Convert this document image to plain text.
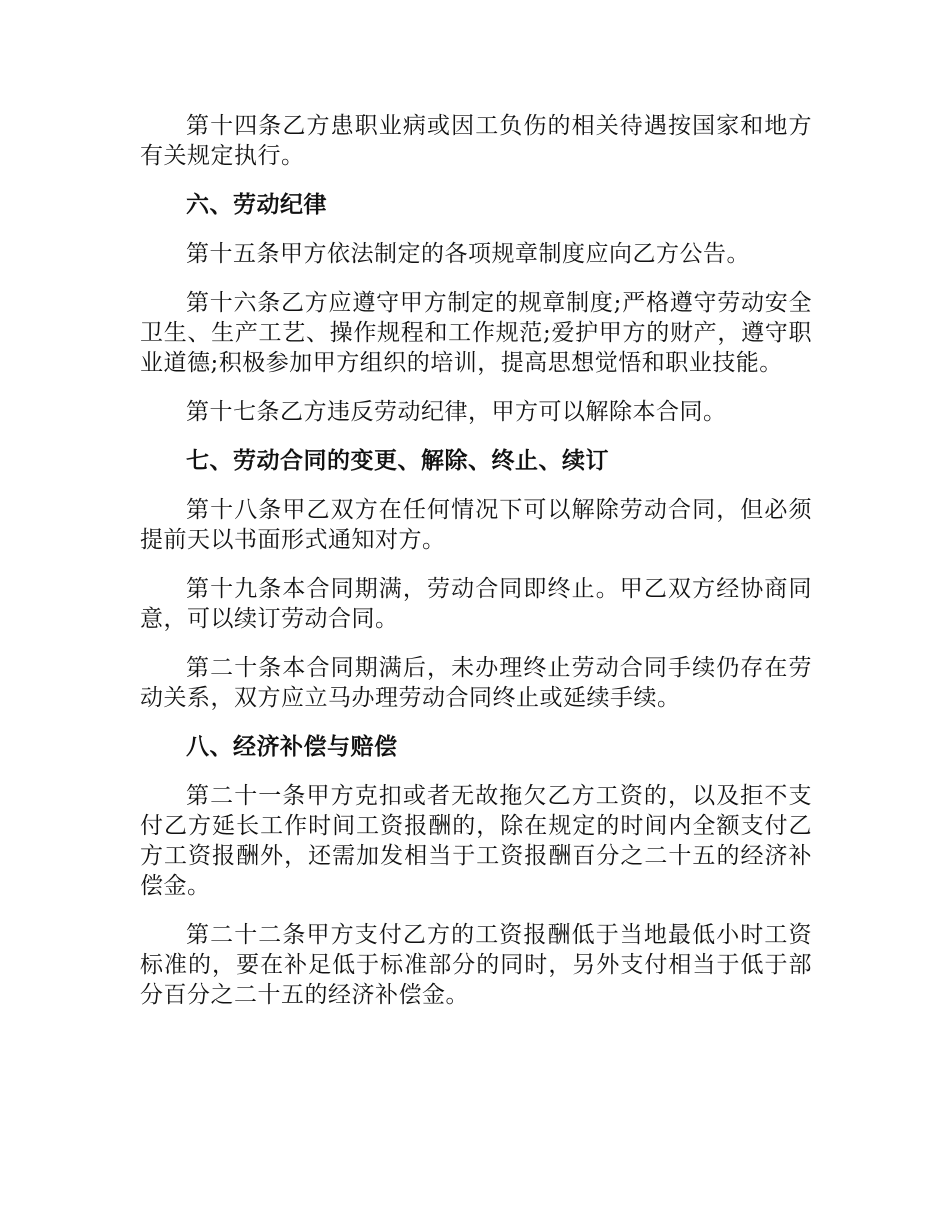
第十四条乙方患职业病或因工负伤的相关待遇按国家和地方有关规定执行。

六、劳动纪律

第十五条甲方依法制定的各项规章制度应向乙方公告。

第十六条乙方应遵守甲方制定的规章制度;严格遵守劳动安全卫生、生产工艺、操作规程和工作规范;爱护甲方的财产，遵守职业道德;积极参加甲方组织的培训，提高思想觉悟和职业技能。

第十七条乙方违反劳动纪律，甲方可以解除本合同。

七、劳动合同的变更、解除、终止、续订

第十八条甲乙双方在任何情况下可以解除劳动合同，但必须提前天以书面形式通知对方。

第十九条本合同期满，劳动合同即终止。甲乙双方经协商同意，可以续订劳动合同。

第二十条本合同期满后，未办理终止劳动合同手续仍存在劳动关系，双方应立马办理劳动合同终止或延续手续。

八、经济补偿与赔偿

第二十一条甲方克扣或者无故拖欠乙方工资的，以及拒不支付乙方延长工作时间工资报酬的，除在规定的时间内全额支付乙方工资报酬外，还需加发相当于工资报酬百分之二十五的经济补偿金。

第二十二条甲方支付乙方的工资报酬低于当地最低小时工资标准的，要在补足低于标准部分的同时，另外支付相当于低于部分百分之二十五的经济补偿金。
